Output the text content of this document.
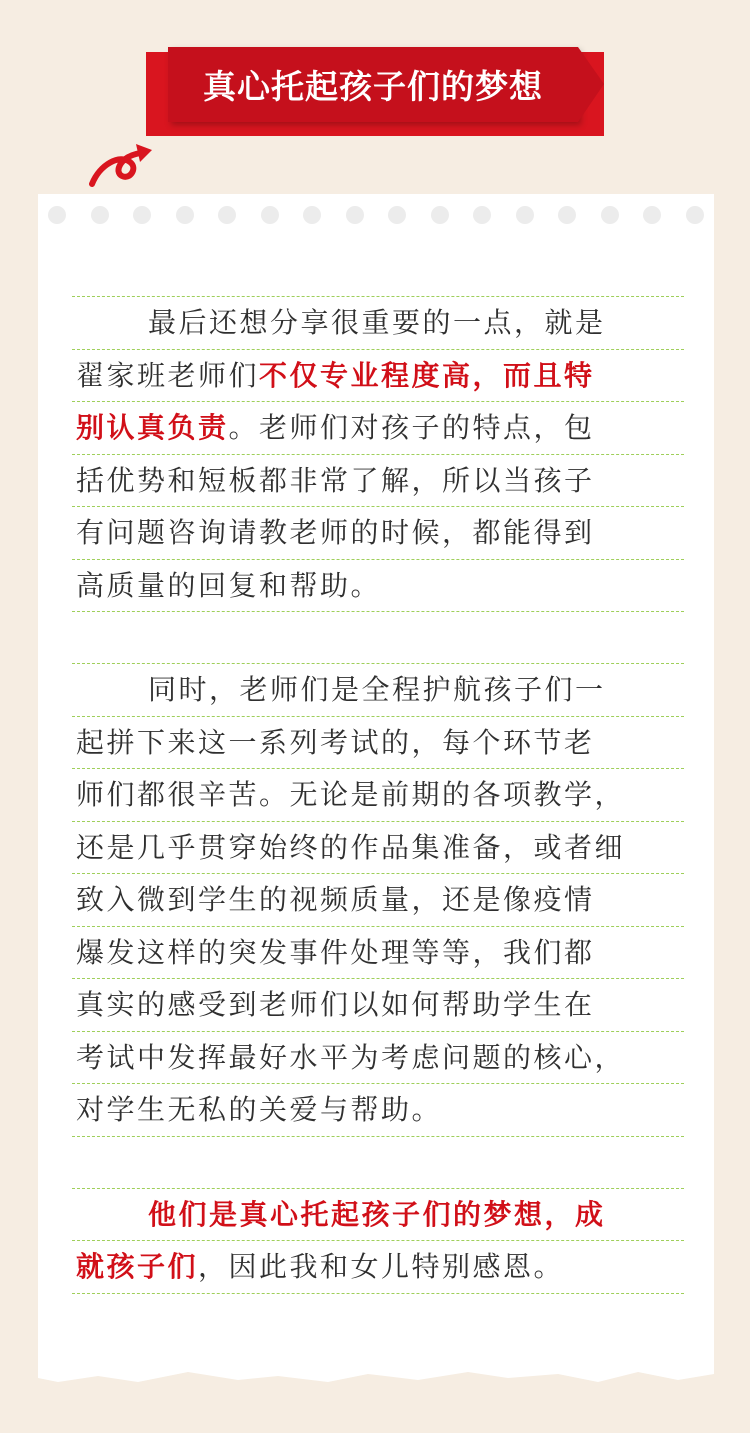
真心托起孩子们的梦想
最后还想分享很重要的一点，就是
翟家班老师们不仅专业程度高，而且特
别认真负责。老师们对孩子的特点，包
括优势和短板都非常了解，所以当孩子
有问题咨询请教老师的时候，都能得到
高质量的回复和帮助。
同时，老师们是全程护航孩子们一
起拼下来这一系列考试的，每个环节老
师们都很辛苦。无论是前期的各项教学，
还是几乎贯穿始终的作品集准备，或者细
致入微到学生的视频质量，还是像疫情
爆发这样的突发事件处理等等，我们都
真实的感受到老师们以如何帮助学生在
考试中发挥最好水平为考虑问题的核心，
对学生无私的关爱与帮助。
他们是真心托起孩子们的梦想，成
就孩子们，因此我和女儿特别感恩。
